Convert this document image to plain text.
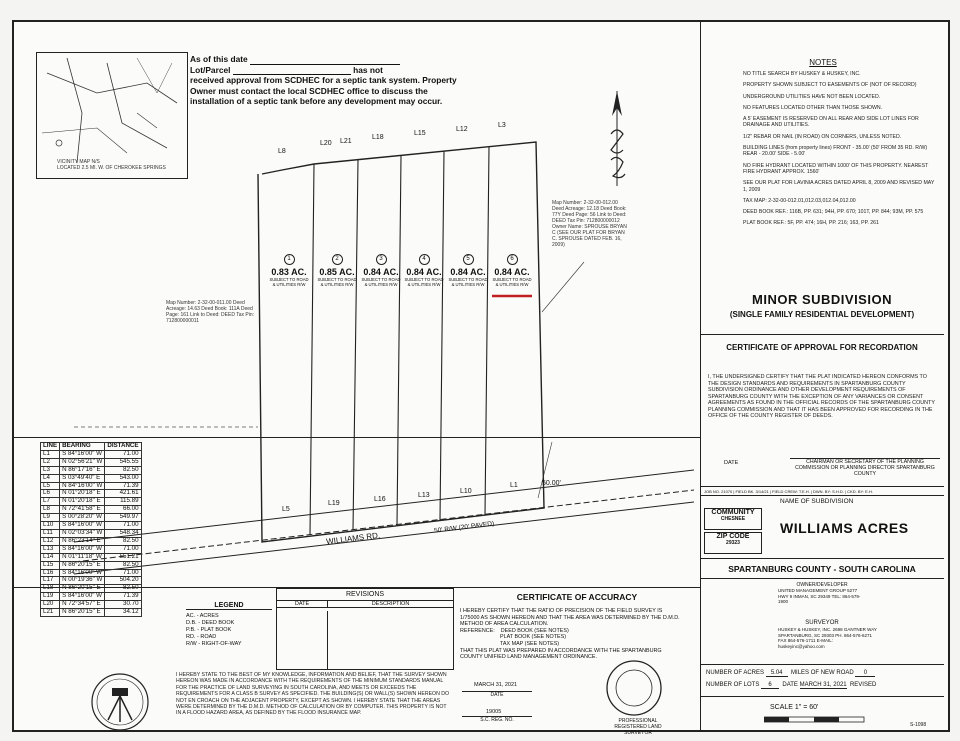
VICINITY MAP N/S
LOCATED 2.5 MI. W. OF CHEROKEE SPRINGS
As of this date
Lot/Parcel	has not
received approval from SCDHEC for a septic tank system. Property
Owner must contact the local SCDHEC office to discuss the
installation of a septic tank before any development may occur.
L8
L20 L21
L18
L15
L12
L3
L5
L19
L16
L13
L10
L1	50.00'
1
0.83 AC.
SUBJECT TO ROAD & UTILITIES R/W
2
0.85 AC.
SUBJECT TO ROAD & UTILITIES R/W
3
0.84 AC.
SUBJECT TO ROAD & UTILITIES R/W
4
0.84 AC.
SUBJECT TO ROAD & UTILITIES R/W
5
0.84 AC.
SUBJECT TO ROAD & UTILITIES R/W
6
0.84 AC.
SUBJECT TO ROAD & UTILITIES R/W
Map Number: 2-32-00-011.00 Deed Acreage: 14.63 Deed Book: 111A Deed Page: 161 Link to Deed: DEED Tax Pin: 712800000011
Map Number: 2-32-00-012.00 Deed Acreage: 12.18 Deed Book: 77Y Deed Page: 56 Link to Deed: DEED Tax Pin: 712800000012 Owner Name: SPROUSE BRYAN C (SEE OUR PLAT FOR BRYAN C. SPROUSE DATED FEB. 16, 2009)
WILLIAMS RD.
50' R/W (20' PAVED)
LINE	BEARING	DISTANCE
L1	S 84°16'00" W	71.00
L2	N 02°56'21" W	545.55
L3	N 86°17'16" E	82.50
L4	S 03°49'40" E	543.00
L5	N 84°16'00" W	71.39
L6	N 01°20'18" E	421.61
L7	N 01°20'18" E	115.89
L8	N 72°41'58" E	66.00
L9	S 00°28'20" W	549.97
L10	S 84°16'00" W	71.00
L11	N 02°03'34" W	548.34
L12	N 86°23'14" E	82.50
L13	S 84°16'00" W	71.00
L14	N 01°11'18" W	551.21
L15	N 86°20'15" E	82.50
L16	S 84°16'00" W	71.00
L17	N 00°19'36" W	504.20
L18	N 86°20'15" E	82.50
L19	S 84°16'00" W	71.39
L20	N 72°34'57" E	30.70
L21	N 86°20'15" E	34.12
LEGEND
AC. - ACRES
D.B. - DEED BOOK
P.B. - PLAT BOOK
RD. - ROAD
R/W - RIGHT-OF-WAY
REVISIONS
DATE	DESCRIPTION
CERTIFICATE OF ACCURACY
I HEREBY CERTIFY THAT THE RATIO OF PRECISION OF THE FIELD SURVEY IS
1/75000 AS SHOWN HEREON AND THAT THE AREA WAS DETERMINED BY THE D.M.D.
METHOD OF AREA CALCULATION.
REFERENCE: DEED BOOK (SEE NOTES)
PLAT BOOK (SEE NOTES)
TAX MAP (SEE NOTES)
THAT THIS PLAT WAS PREPARED IN ACCORDANCE WITH THE SPARTANBURG
COUNTY UNIFIED LAND MANAGEMENT ORDINANCE.
MARCH 31, 2021
DATE
19005
S.C. REG. NO.	PROFESSIONAL REGISTERED LAND SURVEYOR
I HEREBY STATE TO THE BEST OF MY KNOWLEDGE, INFORMATION AND BELIEF, THAT THE SURVEY SHOWN HEREON WAS MADE IN ACCORDANCE WITH THE REQUIREMENTS OF THE MINIMUM STANDARDS MANUAL FOR THE PRACTICE OF LAND SURVEYING IN SOUTH CAROLINA, AND MEETS OR EXCEEDS THE REQUIREMENTS FOR A CLASS B SURVEY AS SPECIFIED. THE BUILDING(S) OR WALL(S) SHOWN HEREON DO NOT EN CROACH ON THE ADJACENT PROPERTY, EXCEPT AS SHOWN. I HEREBY STATE THAT THE AREAS WERE DETERMINED BY THE D.M.D. METHOD OF CALCULATION OR BY COMPUTER. THIS PROPERTY IS NOT IN A FLOOD HAZARD AREA, AS DEFINED BY THE FLOOD INSURANCE MAP.
NOTES
NO TITLE SEARCH BY HUSKEY & HUSKEY, INC.
PROPERTY SHOWN SUBJECT TO EASEMENTS OF (NOT OF RECORD)
UNDERGROUND UTILITIES HAVE NOT BEEN LOCATED.
NO FEATURES LOCATED OTHER THAN THOSE SHOWN.
A 5' EASEMENT IS RESERVED ON ALL REAR AND SIDE LOT LINES FOR DRAINAGE AND UTILITIES.
1/2" REBAR OR NAIL (IN ROAD) ON CORNERS, UNLESS NOTED.
BUILDING LINES (from property lines) FRONT - 35.00' (50' FROM 35 RD. R/W) REAR - 20.00' SIDE - 5.00'
NO FIRE HYDRANT LOCATED WITHIN 1000' OF THIS PROPERTY. NEAREST FIRE HYDRANT APPROX. 1560'
SEE OUR PLAT FOR LAVINIA ACRES DATED APRIL 8, 2009 AND REVISED MAY 1, 2009
TAX MAP: 2-32-00-012.01,012.03,012.04,012.00
DEED BOOK REF.: 116B, PP. 631; 94H, PP. 670; 101T, PP. 844; 93M, PP. 575
PLAT BOOK REF.: 5F, PP. 474; 16H, PP. 216; 163, PP. 261
MINOR SUBDIVISION
(SINGLE FAMILY RESIDENTIAL DEVELOPMENT)
CERTIFICATE OF APPROVAL FOR RECORDATION
I, THE UNDERSIGNED CERTIFY THAT THE PLAT INDICATED HEREON CONFORMS TO THE DESIGN STANDARDS AND REQUIREMENTS IN SPARTANBURG COUNTY SUBDIVISION ORDINANCE AND OTHER DEVELOPMENT REQUIREMENTS OF SPARTANBURG COUNTY WITH THE EXCEPTION OF ANY VARIANCES OR CONSENT AGREEMENTS AS FOUND IN THE OFFICIAL RECORDS OF THE SPARTANBURG COUNTY PLANNING COMMISSION AND THAT IT HAS BEEN APPROVED FOR RECORDING IN THE OFFICE OF THE COUNTY REGISTER OF DEEDS.
DATE	CHAIRMAN OR SECRETARY OF THE PLANNING COMMISSION OR PLANNING DIRECTOR SPARTANBURG COUNTY
JOB NO. 21070 | FIELD BK. 3/14/21 | FIELD CREW: T.E.H. | DWN. BY: S.H.D. | CKD. BY: E.H.
NAME OF SUBDIVISION
COMMUNITY
CHESNEE
ZIP CODE
29323
WILLIAMS ACRES
SPARTANBURG COUNTY - SOUTH CAROLINA
OWNER/DEVELOPER
UNITED MANAGEMENT GROUP 5277 HWY 9 INMAN, SC 29349 TEL: 864-579-1900
SURVEYOR
HUSKEY & HUSKEY, INC. 2698 GANTNER WAY SPARTANBURG, SC 29303 PH. 864-576-6271 FAX 864-576-1711 E-MAIL: huskeyinc@yahoo.com
NUMBER OF ACRES 5.04 MILES OF NEW ROAD 0
NUMBER OF LOTS 6 DATE MARCH 31, 2021 REVISED
SCALE 1" = 60'
S-1098
